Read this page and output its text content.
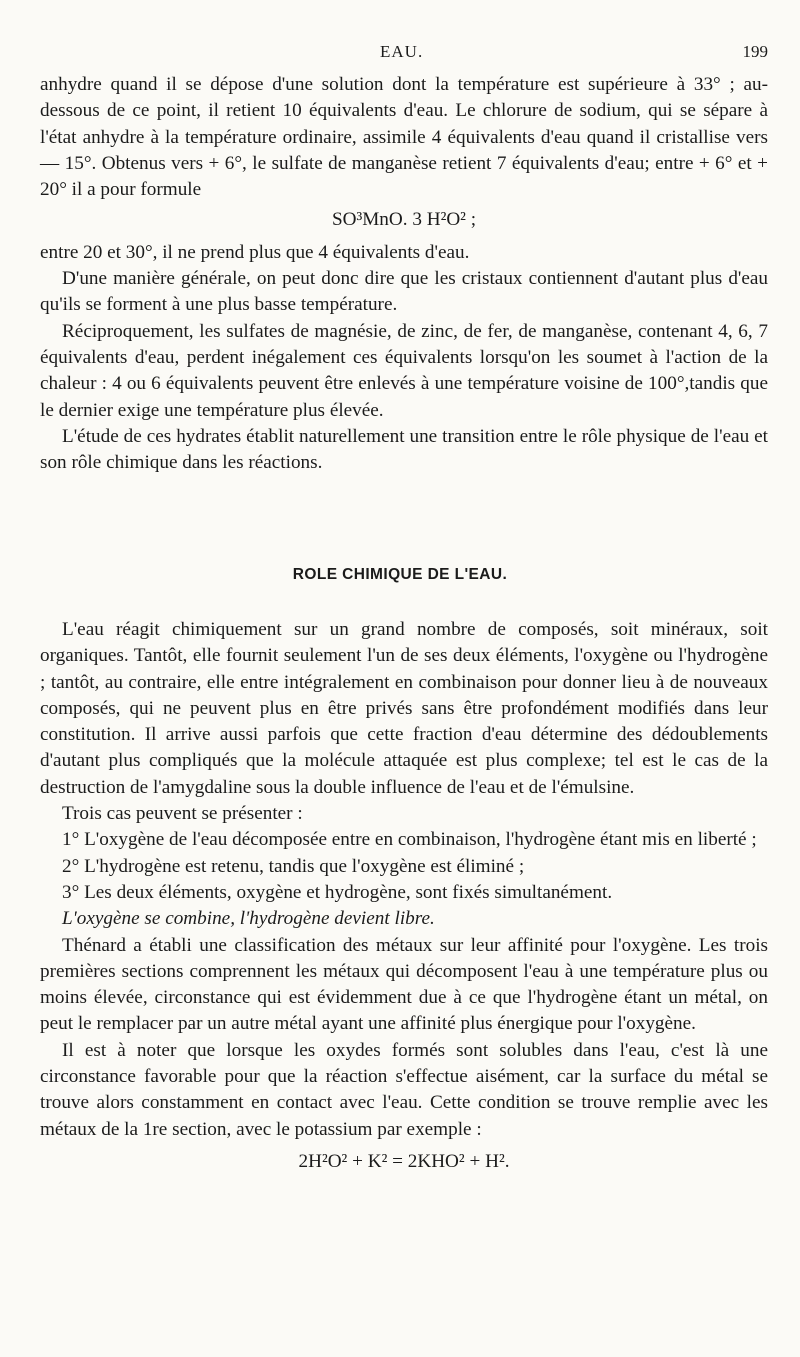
EAU.	199

anhydre quand il se dépose d'une solution dont la température est supérieure à 33° ; au-dessous de ce point, il retient 10 équivalents d'eau. Le chlorure de sodium, qui se sépare à l'état anhydre à la température ordinaire, assimile 4 équivalents d'eau quand il cristallise vers — 15°. Obtenus vers + 6°, le sulfate de manganèse retient 7 équivalents d'eau; entre + 6° et + 20° il a pour formule

SO³MnO. 3 H²O² ;

entre 20 et 30°, il ne prend plus que 4 équivalents d'eau.

D'une manière générale, on peut donc dire que les cristaux contiennent d'autant plus d'eau qu'ils se forment à une plus basse température.

Réciproquement, les sulfates de magnésie, de zinc, de fer, de manganèse, contenant 4, 6, 7 équivalents d'eau, perdent inégalement ces équivalents lorsqu'on les soumet à l'action de la chaleur : 4 ou 6 équivalents peuvent être enlevés à une température voisine de 100°,tandis que le dernier exige une température plus élevée.

L'étude de ces hydrates établit naturellement une transition entre le rôle physique de l'eau et son rôle chimique dans les réactions.

ROLE CHIMIQUE DE L'EAU.

L'eau réagit chimiquement sur un grand nombre de composés, soit minéraux, soit organiques. Tantôt, elle fournit seulement l'un de ses deux éléments, l'oxygène ou l'hydrogène ; tantôt, au contraire, elle entre intégralement en combinaison pour donner lieu à de nouveaux composés, qui ne peuvent plus en être privés sans être profondément modifiés dans leur constitution. Il arrive aussi parfois que cette fraction d'eau détermine des dédoublements d'autant plus compliqués que la molécule attaquée est plus complexe; tel est le cas de la destruction de l'amygdaline sous la double influence de l'eau et de l'émulsine.

Trois cas peuvent se présenter :

1° L'oxygène de l'eau décomposée entre en combinaison, l'hydrogène étant mis en liberté ;

2° L'hydrogène est retenu, tandis que l'oxygène est éliminé ;

3° Les deux éléments, oxygène et hydrogène, sont fixés simultanément.

L'oxygène se combine, l'hydrogène devient libre.

Thénard a établi une classification des métaux sur leur affinité pour l'oxygène. Les trois premières sections comprennent les métaux qui décomposent l'eau à une température plus ou moins élevée, circonstance qui est évidemment due à ce que l'hydrogène étant un métal, on peut le remplacer par un autre métal ayant une affinité plus énergique pour l'oxygène.

Il est à noter que lorsque les oxydes formés sont solubles dans l'eau, c'est là une circonstance favorable pour que la réaction s'effectue aisément, car la surface du métal se trouve alors constamment en contact avec l'eau. Cette condition se trouve remplie avec les métaux de la 1re section, avec le potassium par exemple :

2H²O² + K² = 2KHO² + H².
